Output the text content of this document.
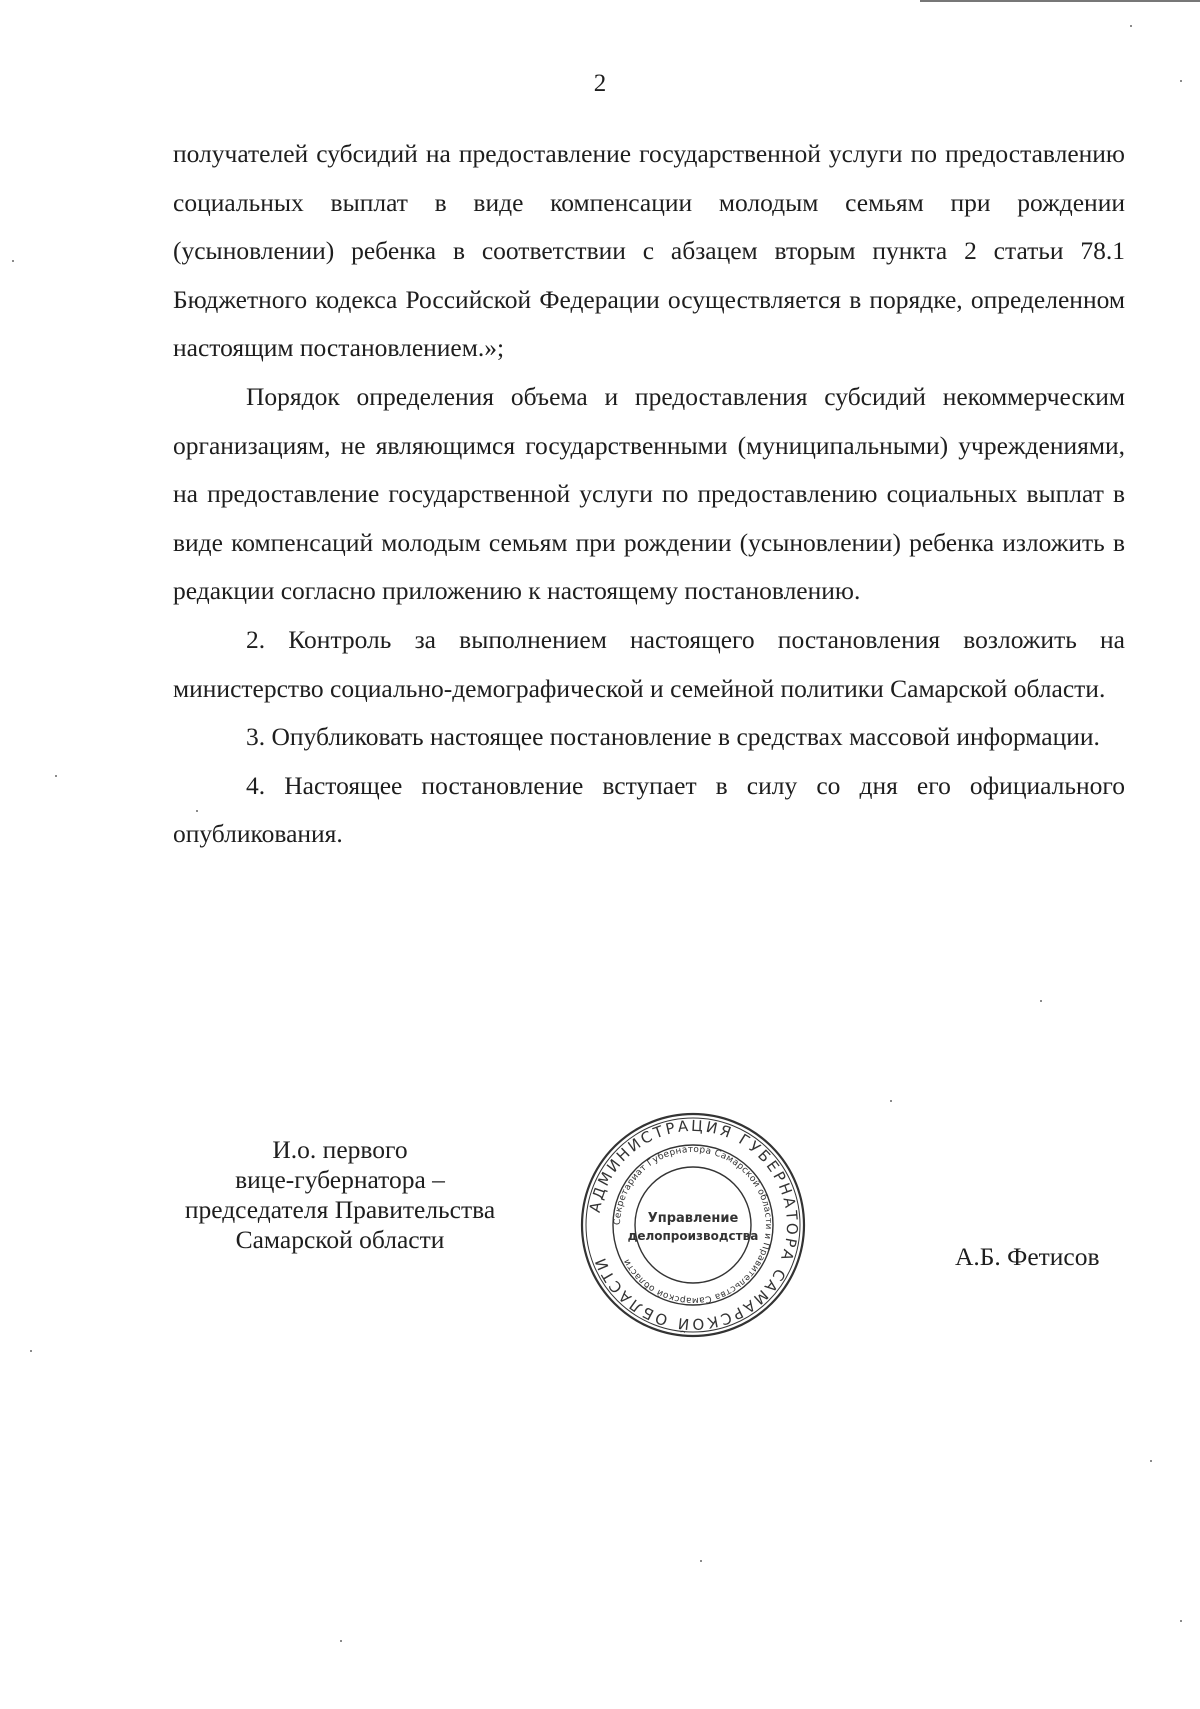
2

получателей субсидий на предоставление государственной услуги по предоставлению социальных выплат в виде компенсации молодым семьям при рождении (усыновлении) ребенка в соответствии с абзацем вторым пункта 2 статьи 78.1 Бюджетного кодекса Российской Федерации осуществляется в порядке, определенном настоящим постановлением.»;

Порядок определения объема и предоставления субсидий некоммерческим организациям, не являющимся государственными (муниципальными) учреждениями, на предоставление государственной услуги по предоставлению социальных выплат в виде компенсаций молодым семьям при рождении (усыновлении) ребенка изложить в редакции согласно приложению к настоящему постановлению.

2. Контроль за выполнением настоящего постановления возложить на министерство социально-демографической и семейной политики Самарской области.

3. Опубликовать настоящее постановление в средствах массовой информации.

4. Настоящее постановление вступает в силу со дня его официального опубликования.

И.о. первого
вице-губернатора –
председателя Правительства
Самарской области
АДМИНИСТРАЦИЯ ГУБЕРНАТОРА САМАРСКОЙ ОБЛАСТИ
Секретариат Губернатора Самарской области и Правительства Самарской области
Управление
делопроизводства
А.Б. Фетисов
